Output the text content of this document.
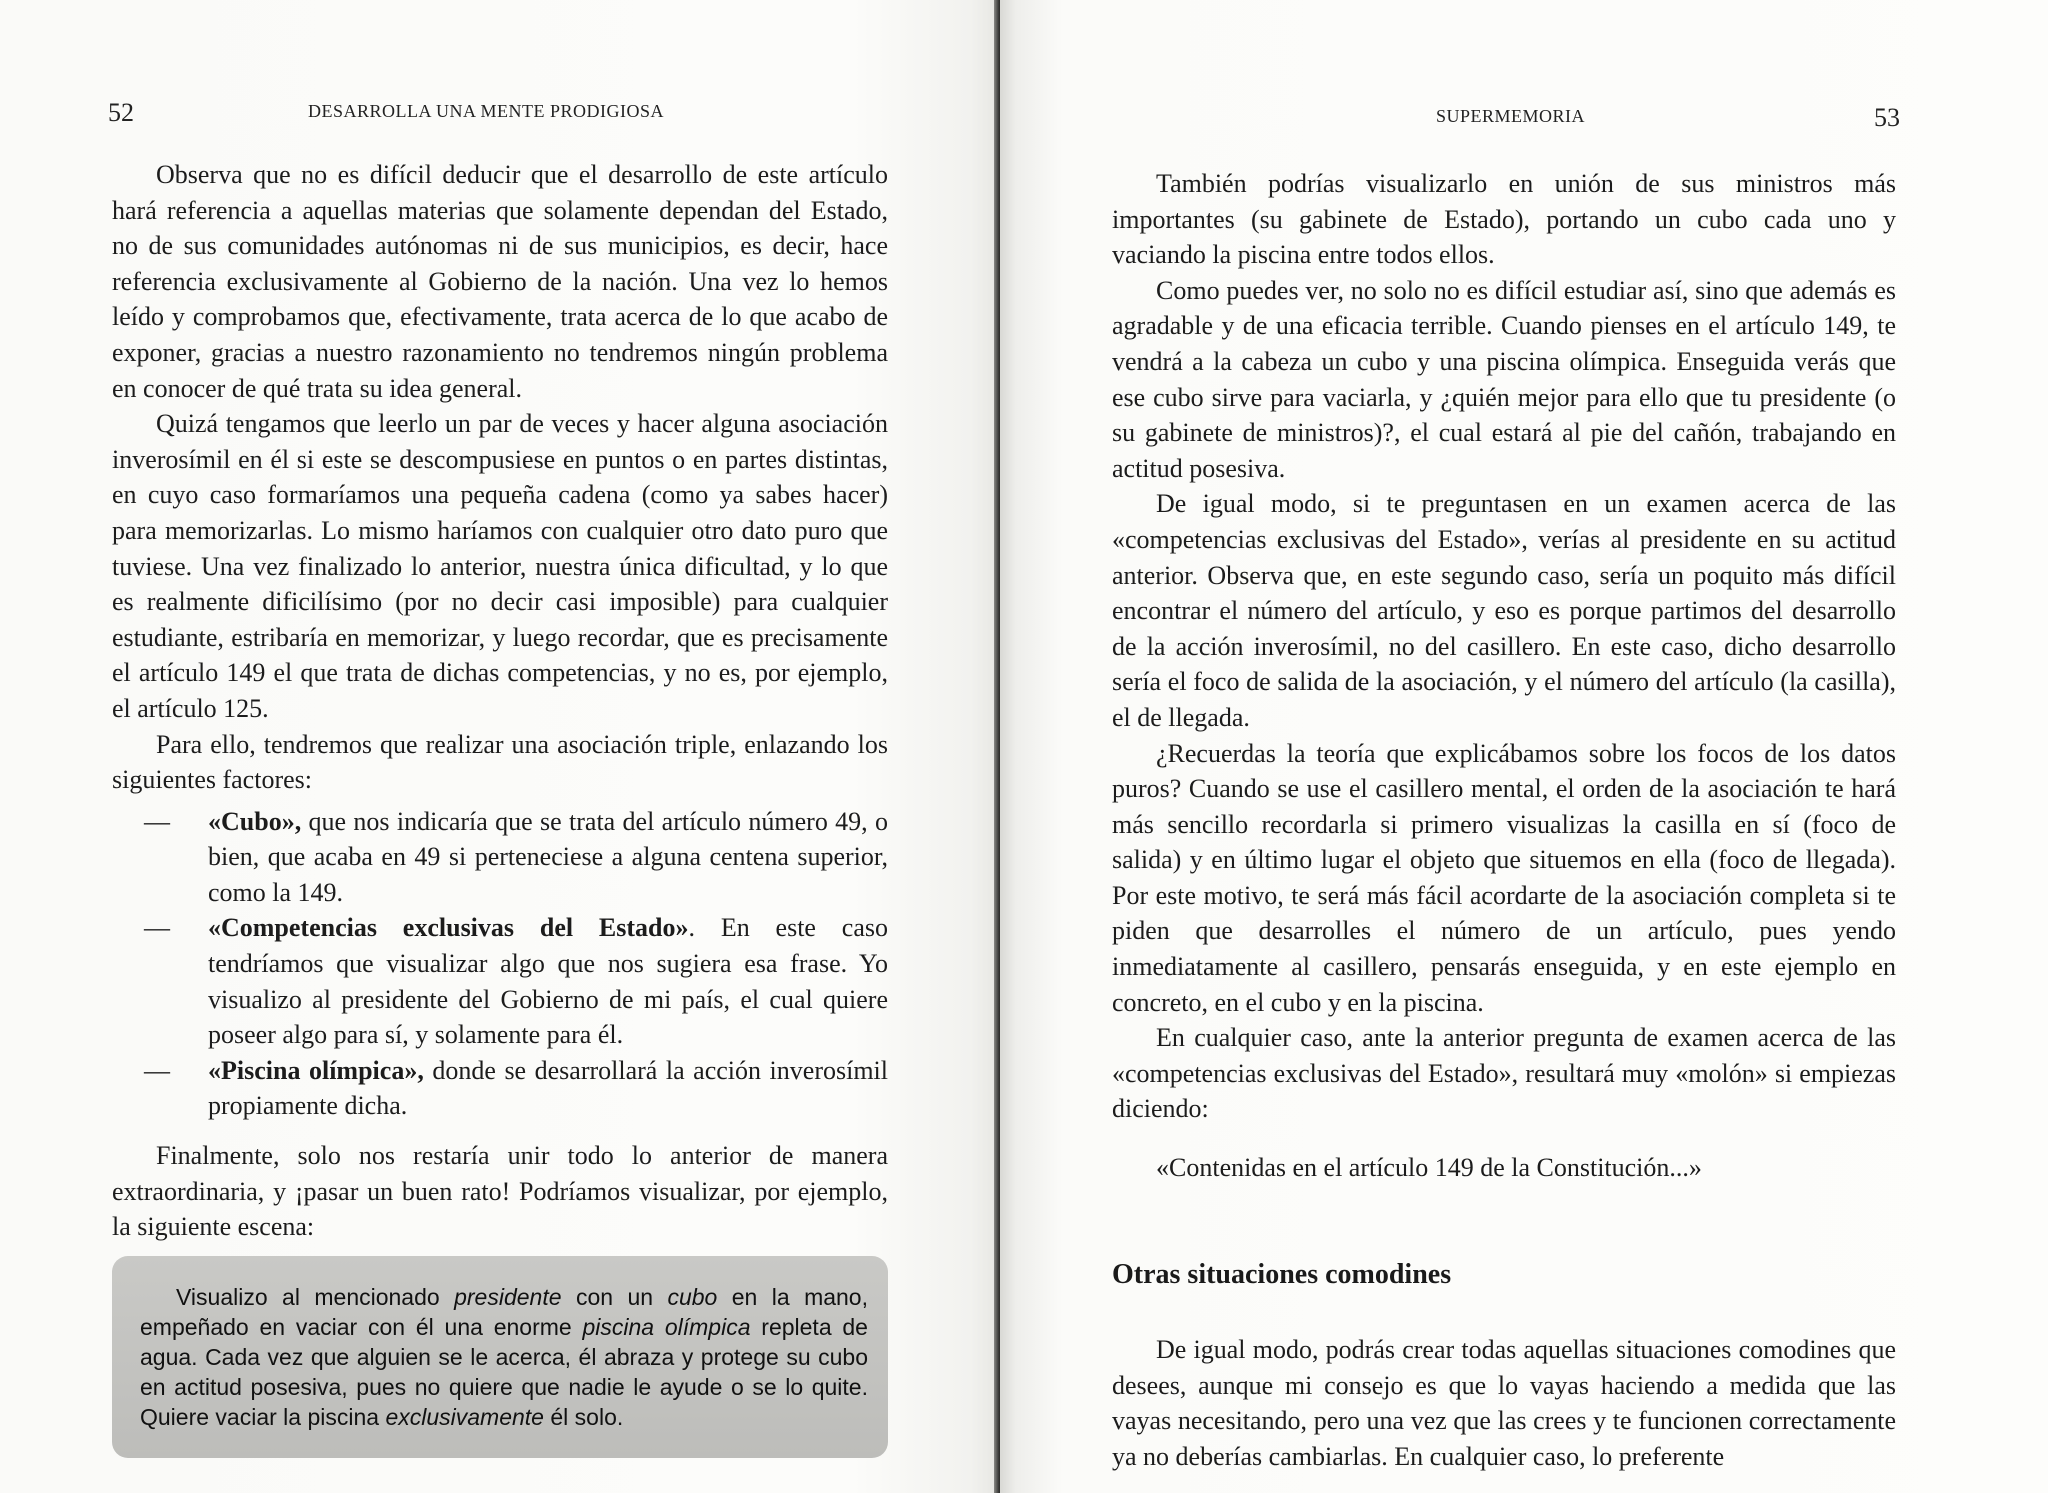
52	DESARROLLA UNA MENTE PRODIGIOSA

Observa que no es difícil deducir que el desarrollo de este artículo hará referencia a aquellas materias que solamente dependan del Estado, no de sus comunidades autónomas ni de sus municipios, es decir, hace referencia exclusivamente al Gobierno de la nación. Una vez lo hemos leído y comprobamos que, efectivamente, trata acerca de lo que acabo de exponer, gracias a nuestro razonamiento no tendremos ningún problema en conocer de qué trata su idea general.

Quizá tengamos que leerlo un par de veces y hacer alguna asociación inverosímil en él si este se descompusiese en puntos o en partes distintas, en cuyo caso formaríamos una pequeña cadena (como ya sabes hacer) para memorizarlas. Lo mismo haríamos con cualquier otro dato puro que tuviese. Una vez finalizado lo anterior, nuestra única dificultad, y lo que es realmente dificilísimo (por no decir casi imposible) para cualquier estudiante, estribaría en memorizar, y luego recordar, que es precisamente el artículo 149 el que trata de dichas competencias, y no es, por ejemplo, el artículo 125.

Para ello, tendremos que realizar una asociación triple, enlazando los siguientes factores:

— «Cubo», que nos indicaría que se trata del artículo número 49, o bien, que acaba en 49 si perteneciese a alguna centena superior, como la 149.
— «Competencias exclusivas del Estado». En este caso tendríamos que visualizar algo que nos sugiera esa frase. Yo visualizo al presidente del Gobierno de mi país, el cual quiere poseer algo para sí, y solamente para él.
— «Piscina olímpica», donde se desarrollará la acción inverosímil propiamente dicha.

Finalmente, solo nos restaría unir todo lo anterior de manera extraordinaria, y ¡pasar un buen rato! Podríamos visualizar, por ejemplo, la siguiente escena:

Visualizo al mencionado presidente con un cubo en la mano, empeñado en vaciar con él una enorme piscina olímpica repleta de agua. Cada vez que alguien se le acerca, él abraza y protege su cubo en actitud posesiva, pues no quiere que nadie le ayude o se lo quite. Quiere vaciar la piscina exclusivamente él solo.
SUPERMEMORIA	53

También podrías visualizarlo en unión de sus ministros más importantes (su gabinete de Estado), portando un cubo cada uno y vaciando la piscina entre todos ellos.

Como puedes ver, no solo no es difícil estudiar así, sino que además es agradable y de una eficacia terrible. Cuando pienses en el artículo 149, te vendrá a la cabeza un cubo y una piscina olímpica. Enseguida verás que ese cubo sirve para vaciarla, y ¿quién mejor para ello que tu presidente (o su gabinete de ministros)?, el cual estará al pie del cañón, trabajando en actitud posesiva.

De igual modo, si te preguntasen en un examen acerca de las «competencias exclusivas del Estado», verías al presidente en su actitud anterior. Observa que, en este segundo caso, sería un poquito más difícil encontrar el número del artículo, y eso es porque partimos del desarrollo de la acción inverosímil, no del casillero. En este caso, dicho desarrollo sería el foco de salida de la asociación, y el número del artículo (la casilla), el de llegada.

¿Recuerdas la teoría que explicábamos sobre los focos de los datos puros? Cuando se use el casillero mental, el orden de la asociación te hará más sencillo recordarla si primero visualizas la casilla en sí (foco de salida) y en último lugar el objeto que situemos en ella (foco de llegada). Por este motivo, te será más fácil acordarte de la asociación completa si te piden que desarrolles el número de un artículo, pues yendo inmediatamente al casillero, pensarás enseguida, y en este ejemplo en concreto, en el cubo y en la piscina.

En cualquier caso, ante la anterior pregunta de examen acerca de las «competencias exclusivas del Estado», resultará muy «molón» si empiezas diciendo:

«Contenidas en el artículo 149 de la Constitución...»
Otras situaciones comodines

De igual modo, podrás crear todas aquellas situaciones comodines que desees, aunque mi consejo es que lo vayas haciendo a medida que las vayas necesitando, pero una vez que las crees y te funcionen correctamente ya no deberías cambiarlas. En cualquier caso, lo preferente
